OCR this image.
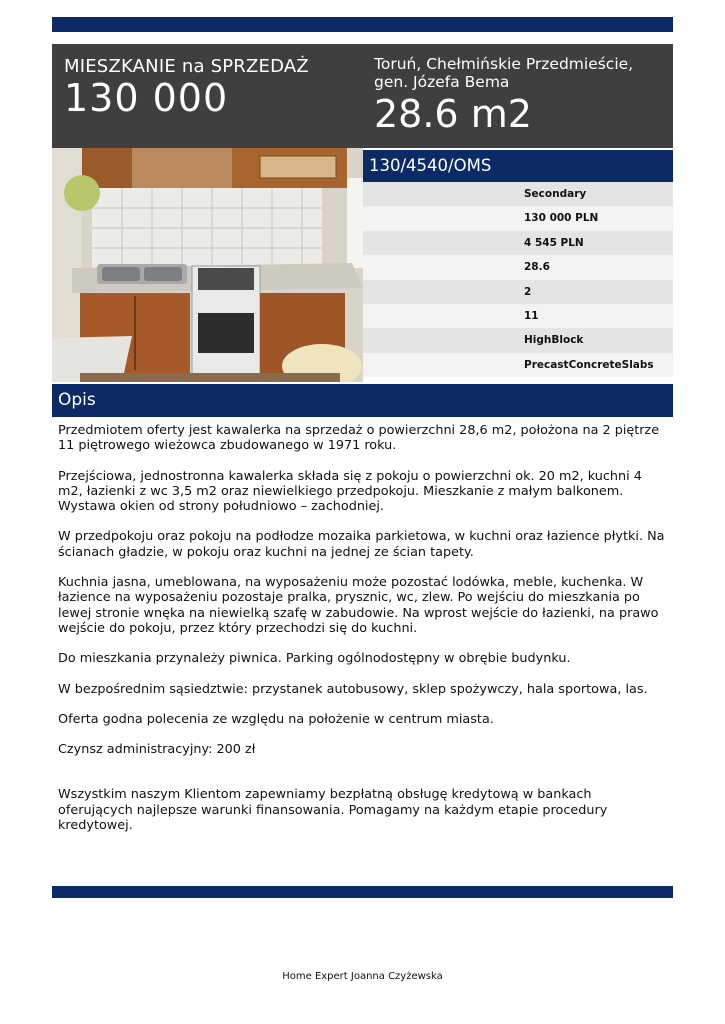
MIESZKANIE na SPRZEDAŻ
130 000
Toruń, Chełmińskie Przedmieście, gen. Józefa Bema
28.6 m2
130/4540/OMS
Secondary
130 000 PLN
4 545 PLN
28.6
2
11
HighBlock
PrecastConcreteSlabs
Opis

Przedmiotem oferty jest kawalerka na sprzedaż o powierzchni 28,6 m2, położona na 2 piętrze 11 piętrowego wieżowca zbudowanego w 1971 roku.

Przejściowa, jednostronna kawalerka składa się z pokoju o powierzchni ok. 20 m2, kuchni 4 m2, łazienki z wc 3,5 m2 oraz niewielkiego przedpokoju. Mieszkanie z małym balkonem. Wystawa okien od strony południowo – zachodniej.

W przedpokoju oraz pokoju na podłodze mozaika parkietowa, w kuchni oraz łazience płytki. Na ścianach gładzie, w pokoju oraz kuchni na jednej ze ścian tapety.

Kuchnia jasna, umeblowana, na wyposażeniu może pozostać lodówka, meble, kuchenka. W łazience na wyposażeniu pozostaje pralka, prysznic, wc, zlew. Po wejściu do mieszkania po lewej stronie wnęka na niewielką szafę w zabudowie. Na wprost wejście do łazienki, na prawo wejście do pokoju, przez który przechodzi się do kuchni.

Do mieszkania przynależy piwnica. Parking ogólnodostępny w obrębie budynku.

W bezpośrednim sąsiedztwie: przystanek autobusowy, sklep spożywczy, hala sportowa, las.

Oferta godna polecenia ze względu na położenie w centrum miasta.

Czynsz administracyjny: 200 zł

Wszystkim naszym Klientom zapewniamy bezpłatną obsługę kredytową w bankach oferujących najlepsze warunki finansowania. Pomagamy na każdym etapie procedury kredytowej.

Home Expert Joanna Czyżewska
